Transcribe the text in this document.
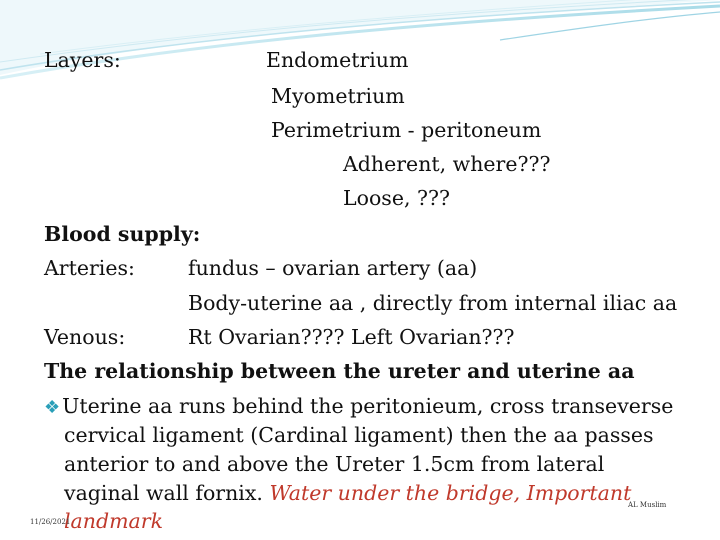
Layers:	Endometrium
Myometrium
Perimetrium - peritoneum
Adherent, where???
Loose, ???
Blood supply:
Arteries:	fundus – ovarian artery (aa)
Body-uterine aa , directly from internal iliac aa
Venous:	Rt Ovarian???? Left Ovarian???
The relationship between the ureter and uterine aa
❖Uterine aa runs behind the peritonieum, cross transeverse
cervical ligament (Cardinal ligament) then the aa passes
anterior to and above the Ureter 1.5cm from lateral
vaginal wall fornix. Water under the bridge, Important
landmark
11/26/2021
AL Muslim
